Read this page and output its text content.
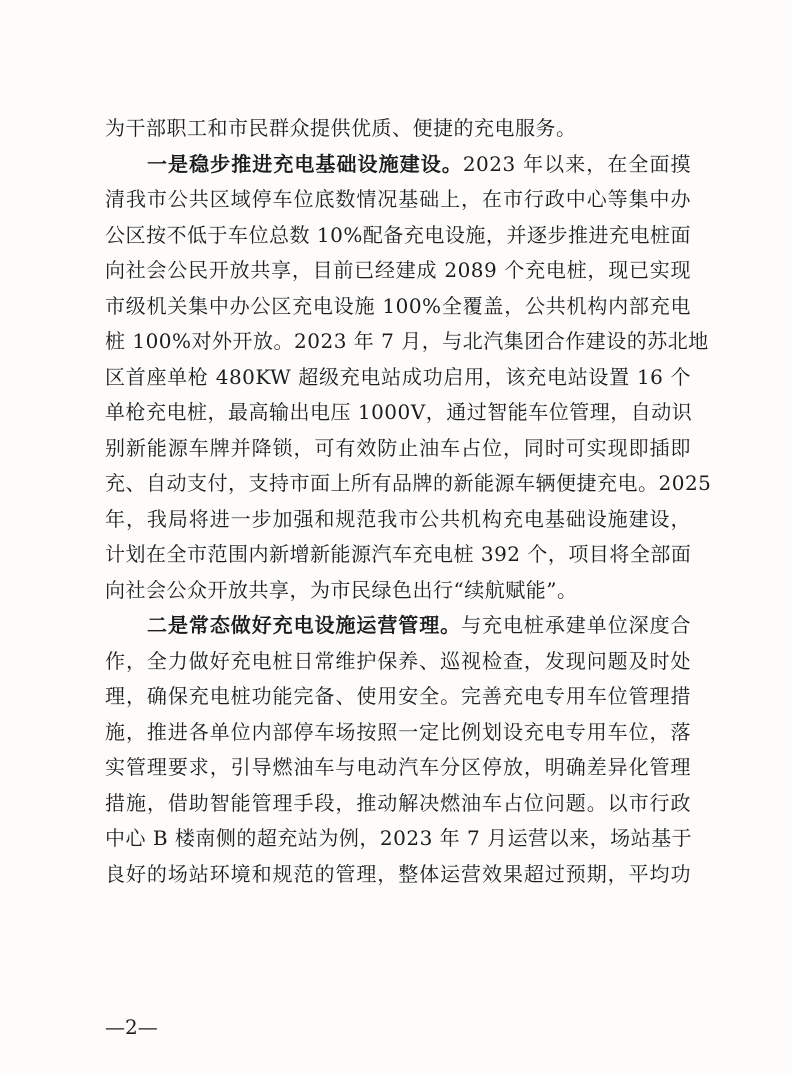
为干部职工和市民群众提供优质、便捷的充电服务。
一是稳步推进充电基础设施建设。2023 年以来，在全面摸
清我市公共区域停车位底数情况基础上，在市行政中心等集中办
公区按不低于车位总数 10%配备充电设施，并逐步推进充电桩面
向社会公民开放共享，目前已经建成 2089 个充电桩，现已实现
市级机关集中办公区充电设施 100%全覆盖，公共机构内部充电
桩 100%对外开放。2023 年 7 月，与北汽集团合作建设的苏北地
区首座单枪 480KW 超级充电站成功启用，该充电站设置 16 个
单枪充电桩，最高输出电压 1000V，通过智能车位管理，自动识
别新能源车牌并降锁，可有效防止油车占位，同时可实现即插即
充、自动支付，支持市面上所有品牌的新能源车辆便捷充电。2025
年，我局将进一步加强和规范我市公共机构充电基础设施建设，
计划在全市范围内新增新能源汽车充电桩 392 个，项目将全部面
向社会公众开放共享，为市民绿色出行“续航赋能”。
二是常态做好充电设施运营管理。与充电桩承建单位深度合
作，全力做好充电桩日常维护保养、巡视检查，发现问题及时处
理，确保充电桩功能完备、使用安全。完善充电专用车位管理措
施，推进各单位内部停车场按照一定比例划设充电专用车位，落
实管理要求，引导燃油车与电动汽车分区停放，明确差异化管理
措施，借助智能管理手段，推动解决燃油车占位问题。以市行政
中心 B 楼南侧的超充站为例，2023 年 7 月运营以来，场站基于
良好的场站环境和规范的管理，整体运营效果超过预期，平均功
—2—
